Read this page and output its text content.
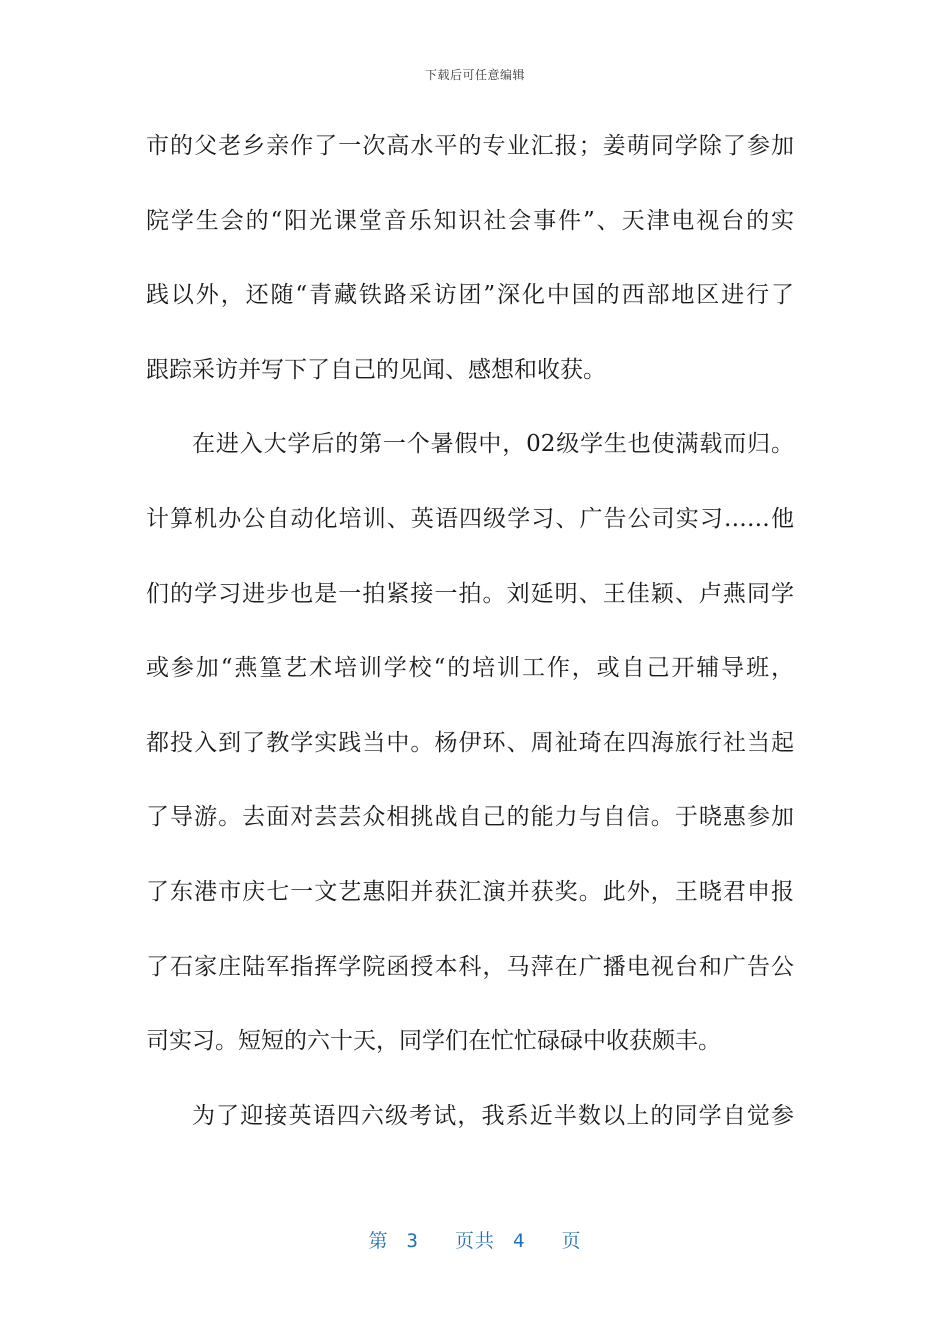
下载后可任意编辑
市的父老乡亲作了一次高水平的专业汇报；姜萌同学除了参加
院学生会的“阳光课堂音乐知识社会事件”、天津电视台的实
践以外，还随“青藏铁路采访团”深化中国的西部地区进行了
跟踪采访并写下了自己的见闻、感想和收获。
在进入大学后的第一个暑假中，02级学生也使满载而归。
计算机办公自动化培训、英语四级学习、广告公司实习……他
们的学习进步也是一拍紧接一拍。刘延明、王佳颖、卢燕同学
或参加“燕篁艺术培训学校“的培训工作，或自己开辅导班，
都投入到了教学实践当中。杨伊环、周祉琦在四海旅行社当起
了导游。去面对芸芸众相挑战自己的能力与自信。于晓惠参加
了东港市庆七一文艺惠阳并获汇演并获奖。此外，王晓君申报
了石家庄陆军指挥学院函授本科，马萍在广播电视台和广告公
司实习。短短的六十天，同学们在忙忙碌碌中收获颇丰。
为了迎接英语四六级考试，我系近半数以上的同学自觉参
第 3 页共 4 页
